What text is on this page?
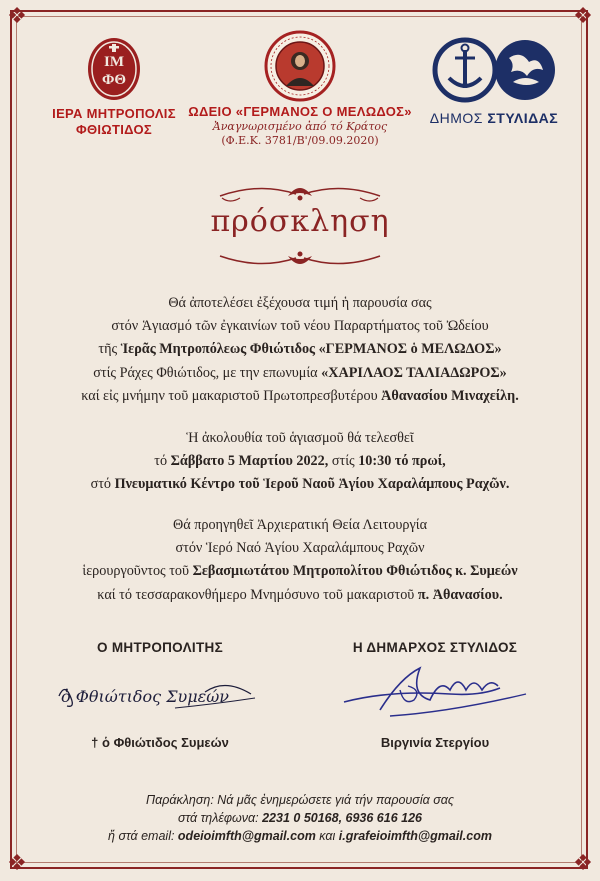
❖	❖
❖	❖
ΙΜ
ΦΘ
ΙΕΡΑ ΜΗΤΡΟΠΟΛΙΣ
ΦΘΙΩΤΙΔΟΣ
ΩΔΕΙΟ «ΓΕΡΜΑΝΟΣ Ο ΜΕΛΩΔΟΣ»
Ἀναγνωρισμένο ἀπό τό Κράτος
(Φ.Ε.Κ. 3781/Β'/09.09.2020)
ΔΗΜΟΣ ΣΤΥΛΙΔΑΣ
πρόσκληση
Θά ἀποτελέσει ἐξέχουσα τιμή ἡ παρουσία σας
στόν Ἁγιασμό τῶν ἐγκαινίων τοῦ νέου Παραρτήματος τοῦ Ὠδείου
τῆς Ἱερᾶς Μητροπόλεως Φθιώτιδος «ΓΕΡΜΑΝΟΣ ὁ ΜΕΛΩΔΟΣ»
στίς Ράχες Φθιώτιδος, με την επωνυμία «ΧΑΡΙΛΑΟΣ ΤΑΛΙΑΔΩΡΟΣ»
καί εἰς μνήμην τοῦ μακαριστοῦ Πρωτοπρεσβυτέρου Ἀθανασίου Μιναχείλη.
Ἡ ἀκολουθία τοῦ ἁγιασμοῦ θά τελεσθεῖ
τό Σάββατο 5 Μαρτίου 2022, στίς 10:30 τό πρωί,
στό Πνευματικό Κέντρο τοῦ Ἱεροῦ Ναοῦ Ἁγίου Χαραλάμπους Ραχῶν.
Θά προηγηθεῖ Ἀρχιερατική Θεία Λειτουργία
στόν Ἱερό Ναό Ἁγίου Χαραλάμπους Ραχῶν
ἱερουργοῦντος τοῦ Σεβασμιωτάτου Μητροπολίτου Φθιώτιδος κ. Συμεών
καί τό τεσσαρακονθήμερο Μνημόσυνο τοῦ μακαριστοῦ π. Ἀθανασίου.
Ο ΜΗΤΡΟΠΟΛΙΤΗΣ	Η ΔΗΜΑΡΧΟΣ ΣΤΥΛΙΔΟΣ
ὁ Φθιώτιδος Συμεών
† ὁ Φθιώτιδος Συμεών	Βιργινία Στεργίου
Παράκληση: Νά μᾶς ἐνημερώσετε γιά τήν παρουσία σας
στά τηλέφωνα: 2231 0 50168, 6936 616 126
ἤ στά email: odeioimfth@gmail.com και i.grafeioimfth@gmail.com
